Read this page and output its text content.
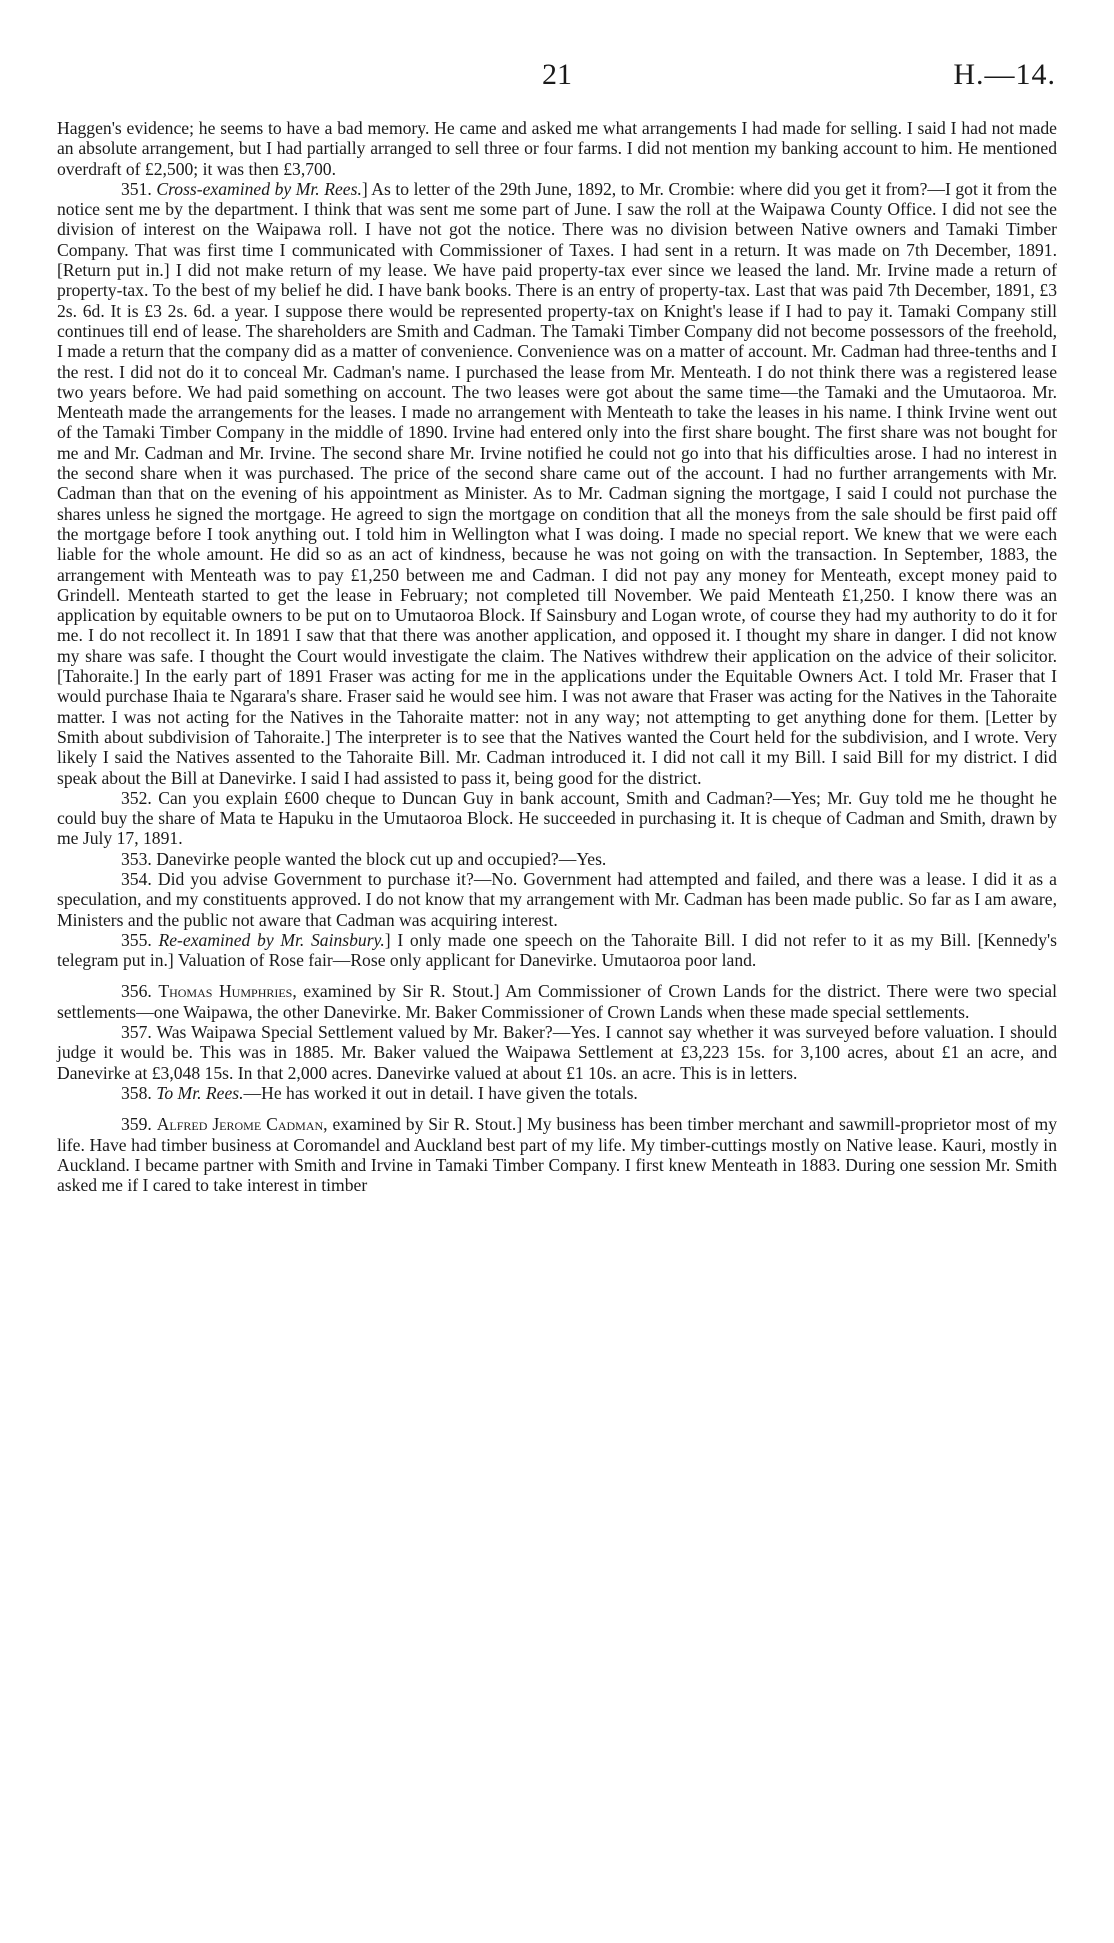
21	H.—14.

Haggen's evidence; he seems to have a bad memory. He came and asked me what arrangements I had made for selling. I said I had not made an absolute arrangement, but I had partially arranged to sell three or four farms. I did not mention my banking account to him. He mentioned overdraft of £2,500; it was then £3,700.

351. Cross-examined by Mr. Rees.] As to letter of the 29th June, 1892, to Mr. Crombie: where did you get it from?—I got it from the notice sent me by the department. I think that was sent me some part of June. I saw the roll at the Waipawa County Office. I did not see the division of interest on the Waipawa roll. I have not got the notice. There was no division between Native owners and Tamaki Timber Company. That was first time I communicated with Commissioner of Taxes. I had sent in a return. It was made on 7th December, 1891. [Return put in.] I did not make return of my lease. We have paid property-tax ever since we leased the land. Mr. Irvine made a return of property-tax. To the best of my belief he did. I have bank books. There is an entry of property-tax. Last that was paid 7th December, 1891, £3 2s. 6d. It is £3 2s. 6d. a year. I suppose there would be represented property-tax on Knight's lease if I had to pay it. Tamaki Company still continues till end of lease. The shareholders are Smith and Cadman. The Tamaki Timber Company did not become possessors of the freehold, I made a return that the company did as a matter of convenience. Convenience was on a matter of account. Mr. Cadman had three-tenths and I the rest. I did not do it to conceal Mr. Cadman's name. I purchased the lease from Mr. Menteath. I do not think there was a registered lease two years before. We had paid something on account. The two leases were got about the same time—the Tamaki and the Umutaoroa. Mr. Menteath made the arrangements for the leases. I made no arrangement with Menteath to take the leases in his name. I think Irvine went out of the Tamaki Timber Company in the middle of 1890. Irvine had entered only into the first share bought. The first share was not bought for me and Mr. Cadman and Mr. Irvine. The second share Mr. Irvine notified he could not go into that his difficulties arose. I had no interest in the second share when it was purchased. The price of the second share came out of the account. I had no further arrangements with Mr. Cadman than that on the evening of his appointment as Minister. As to Mr. Cadman signing the mortgage, I said I could not purchase the shares unless he signed the mortgage. He agreed to sign the mortgage on condition that all the moneys from the sale should be first paid off the mortgage before I took anything out. I told him in Wellington what I was doing. I made no special report. We knew that we were each liable for the whole amount. He did so as an act of kindness, because he was not going on with the transaction. In September, 1883, the arrangement with Menteath was to pay £1,250 between me and Cadman. I did not pay any money for Menteath, except money paid to Grindell. Menteath started to get the lease in February; not completed till November. We paid Menteath £1,250. I know there was an application by equitable owners to be put on to Umutaoroa Block. If Sainsbury and Logan wrote, of course they had my authority to do it for me. I do not recollect it. In 1891 I saw that that there was another application, and opposed it. I thought my share in danger. I did not know my share was safe. I thought the Court would investigate the claim. The Natives withdrew their application on the advice of their solicitor. [Tahoraite.] In the early part of 1891 Fraser was acting for me in the applications under the Equitable Owners Act. I told Mr. Fraser that I would purchase Ihaia te Ngarara's share. Fraser said he would see him. I was not aware that Fraser was acting for the Natives in the Tahoraite matter. I was not acting for the Natives in the Tahoraite matter: not in any way; not attempting to get anything done for them. [Letter by Smith about subdivision of Tahoraite.] The interpreter is to see that the Natives wanted the Court held for the subdivision, and I wrote. Very likely I said the Natives assented to the Tahoraite Bill. Mr. Cadman introduced it. I did not call it my Bill. I said Bill for my district. I did speak about the Bill at Danevirke. I said I had assisted to pass it, being good for the district.

352. Can you explain £600 cheque to Duncan Guy in bank account, Smith and Cadman?—Yes; Mr. Guy told me he thought he could buy the share of Mata te Hapuku in the Umutaoroa Block. He succeeded in purchasing it. It is cheque of Cadman and Smith, drawn by me July 17, 1891.

353. Danevirke people wanted the block cut up and occupied?—Yes.

354. Did you advise Government to purchase it?—No. Government had attempted and failed, and there was a lease. I did it as a speculation, and my constituents approved. I do not know that my arrangement with Mr. Cadman has been made public. So far as I am aware, Ministers and the public not aware that Cadman was acquiring interest.

355. Re-examined by Mr. Sainsbury.] I only made one speech on the Tahoraite Bill. I did not refer to it as my Bill. [Kennedy's telegram put in.] Valuation of Rose fair—Rose only applicant for Danevirke. Umutaoroa poor land.

356. Thomas Humphries, examined by Sir R. Stout.] Am Commissioner of Crown Lands for the district. There were two special settlements—one Waipawa, the other Danevirke. Mr. Baker Commissioner of Crown Lands when these made special settlements.

357. Was Waipawa Special Settlement valued by Mr. Baker?—Yes. I cannot say whether it was surveyed before valuation. I should judge it would be. This was in 1885. Mr. Baker valued the Waipawa Settlement at £3,223 15s. for 3,100 acres, about £1 an acre, and Danevirke at £3,048 15s. In that 2,000 acres. Danevirke valued at about £1 10s. an acre. This is in letters.

358. To Mr. Rees.—He has worked it out in detail. I have given the totals.

359. Alfred Jerome Cadman, examined by Sir R. Stout.] My business has been timber merchant and sawmill-proprietor most of my life. Have had timber business at Coromandel and Auckland best part of my life. My timber-cuttings mostly on Native lease. Kauri, mostly in Auckland. I became partner with Smith and Irvine in Tamaki Timber Company. I first knew Menteath in 1883. During one session Mr. Smith asked me if I cared to take interest in timber
